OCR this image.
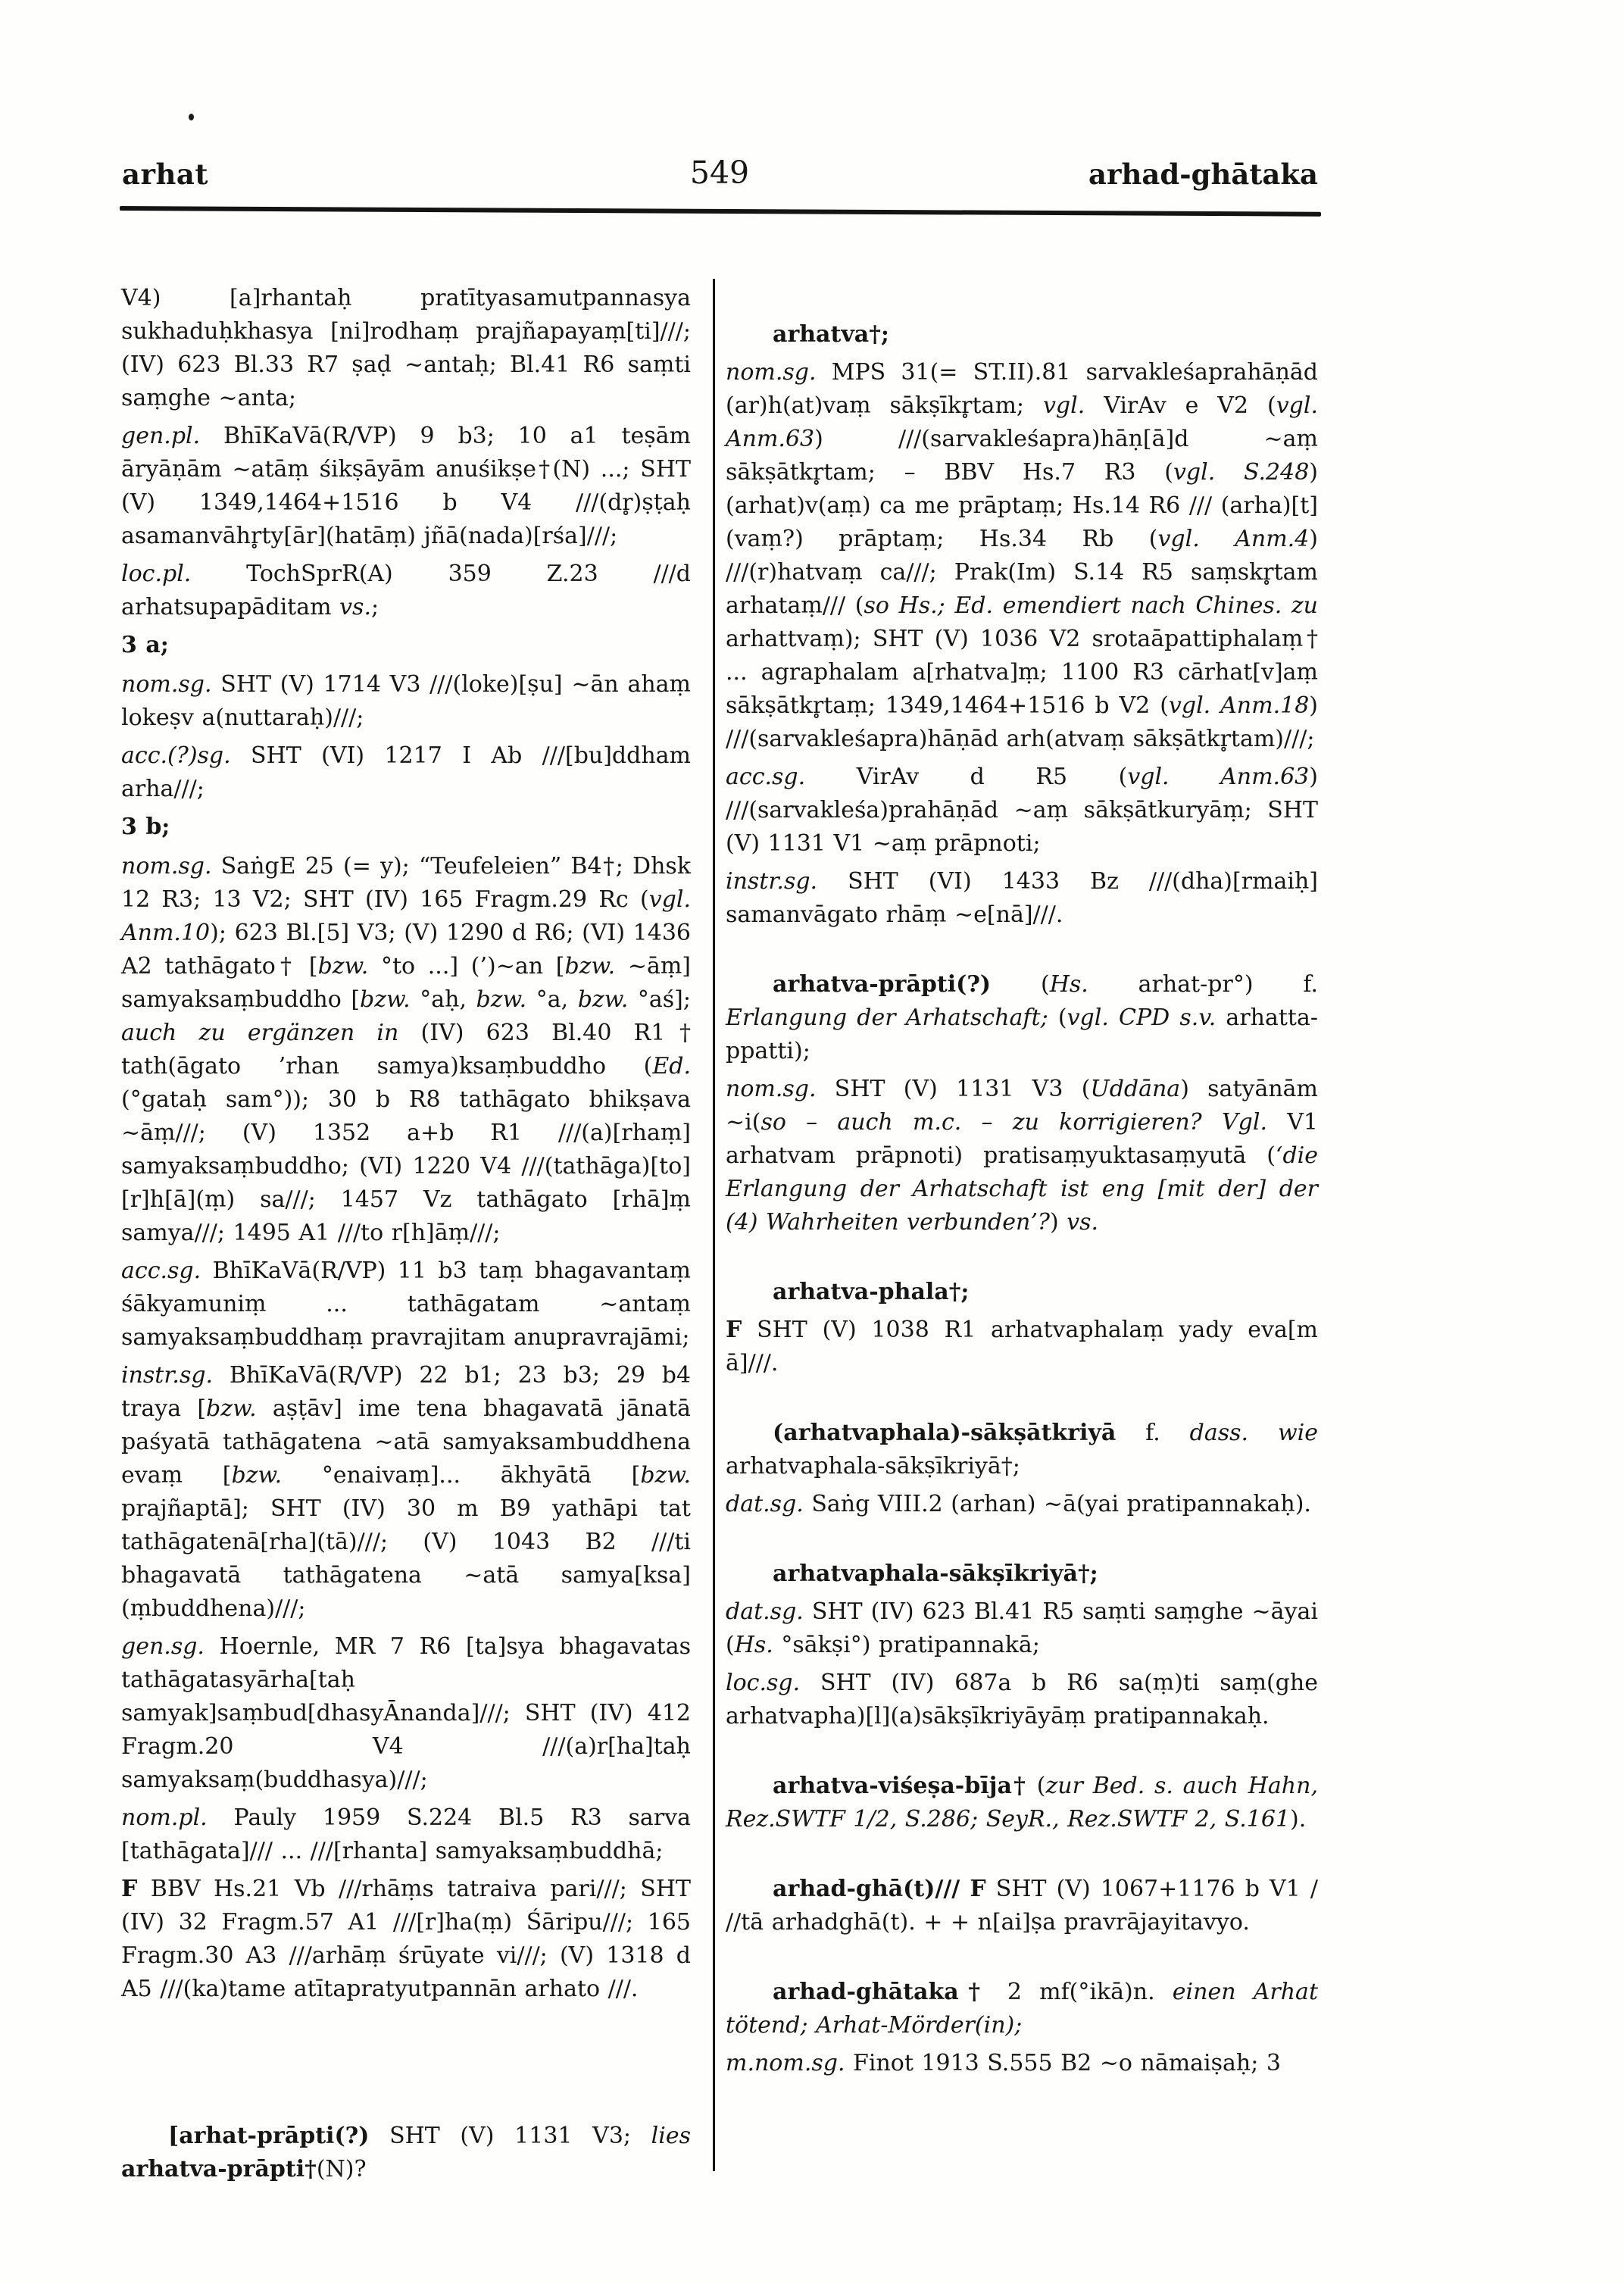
arhat	549	arhad-ghātaka

V4) [a]rhantaḥ pratītyasamutpannasya sukhaduḥkhasya [ni]rodhaṃ prajñapayaṃ[ti]///; (IV) 623 Bl.33 R7 ṣaḍ ~antaḥ; Bl.41 R6 saṃti saṃghe ~anta;

gen.pl. BhīKaVā(R/VP) 9 b3; 10 a1 teṣām āryāṇām ~atāṃ śikṣāyām anuśikṣe†(N) ...; SHT (V) 1349,1464+1516 b V4 ///(dr̥)ṣṭaḥ asamanvāhr̥ty[ār](hatāṃ) jñā(nada)[rśa]///;

loc.pl. TochSprR(A) 359 Z.23 ///d arhatsupapāditam vs.;

3 a;

nom.sg. SHT (V) 1714 V3 ///(loke)[ṣu] ~ān ahaṃ lokeṣv a(nuttaraḥ)///;

acc.(?)sg. SHT (VI) 1217 I Ab ///[bu]ddham arha///;

3 b;

nom.sg. SaṅgE 25 (= y); “Teufeleien” B4†; Dhsk 12 R3; 13 V2; SHT (IV) 165 Fragm.29 Rc (vgl. Anm.10); 623 Bl.[5] V3; (V) 1290 d R6; (VI) 1436 A2 tathāgato† [bzw. °to ...] (’)~an [bzw. ~āṃ] samyaksaṃbuddho [bzw. °aḥ, bzw. °a, bzw. °aś]; auch zu ergänzen in (IV) 623 Bl.40 R1† tath(āgato ’rhan samya)ksaṃbuddho (Ed. (°gataḥ sam°)); 30 b R8 tathāgato bhikṣava ~āṃ///; (V) 1352 a+b R1 ///(a)[rhaṃ] samyaksaṃbuddho; (VI) 1220 V4 ///(tathāga)[to] [r]h[ā](ṃ) sa///; 1457 Vz tathāgato [rhā]ṃ samya///; 1495 A1 ///to r[h]āṃ///;

acc.sg. BhīKaVā(R/VP) 11 b3 taṃ bhagavantaṃ śākyamuniṃ ... tathāgatam ~antaṃ samyaksaṃbuddhaṃ pravrajitam anupravrajāmi;

instr.sg. BhīKaVā(R/VP) 22 b1; 23 b3; 29 b4 traya [bzw. aṣṭāv] ime tena bhagavatā jānatā paśyatā tathāgatena ~atā samyaksambuddhena evaṃ [bzw. °enaivaṃ]... ākhyātā [bzw. prajñaptā]; SHT (IV) 30 m B9 yathāpi tat tathāgatenā[rha](tā)///; (V) 1043 B2 ///ti bhagavatā tathāgatena ~atā samya[ksa](ṃbuddhena)///;

gen.sg. Hoernle, MR 7 R6 [ta]sya bhagavatas tathāgatasyārha[taḥ samyak]saṃbud[dhasyĀnanda]///; SHT (IV) 412 Fragm.20 V4 ///(a)r[ha]taḥ samyaksaṃ(buddhasya)///;

nom.pl. Pauly 1959 S.224 Bl.5 R3 sarva [tathāgata]/// ... ///[rhanta] samyaksaṃbuddhā;

F BBV Hs.21 Vb ///rhāṃs tatraiva pari///; SHT (IV) 32 Fragm.57 A1 ///[r]ha(ṃ) Śāripu///; 165 Fragm.30 A3 ///arhāṃ śrūyate vi///; (V) 1318 d A5 ///(ka)tame atītapratyutpannān arhato ///.

[arhat-prāpti(?) SHT (V) 1131 V3; lies arhatva-prāpti†(N)?

arhatva†;

nom.sg. MPS 31(= ST.II).81 sarvakleśaprahāṇād (ar)h(at)vaṃ sākṣīkr̥tam; vgl. VirAv e V2 (vgl. Anm.63) ///(sarvakleśapra)hāṇ[ā]d ~aṃ sākṣātkr̥tam; – BBV Hs.7 R3 (vgl. S.248) (arhat)v(aṃ) ca me prāptaṃ; Hs.14 R6 /// (arha)[t](vaṃ?) prāptaṃ; Hs.34 Rb (vgl. Anm.4) ///(r)hatvaṃ ca///; Prak(Im) S.14 R5 saṃskr̥tam arhataṃ/// (so Hs.; Ed. emendiert nach Chines. zu arhattvaṃ); SHT (V) 1036 V2 srotaāpattiphalaṃ† ... agraphalam a[rhatva]ṃ; 1100 R3 cārhat[v]aṃ sākṣātkr̥taṃ; 1349,1464+1516 b V2 (vgl. Anm.18) ///(sarvakleśapra)hāṇād arh(atvaṃ sākṣātkr̥tam)///;

acc.sg. VirAv d R5 (vgl. Anm.63) ///(sarvakleśa)prahāṇād ~aṃ sākṣātkuryāṃ; SHT (V) 1131 V1 ~aṃ prāpnoti;

instr.sg. SHT (VI) 1433 Bz ///(dha)[rmaiḥ] samanvāgato rhāṃ ~e[nā]///.

arhatva-prāpti(?) (Hs. arhat-pr°) f. Erlangung der Arhatschaft; (vgl. CPD s.v. arhatta-ppatti);

nom.sg. SHT (V) 1131 V3 (Uddāna) satyānām ~i(so – auch m.c. – zu korrigieren? Vgl. V1 arhatvam prāpnoti) pratisaṃyuktasaṃyutā (‘die Erlangung der Arhatschaft ist eng [mit der] der (4) Wahrheiten verbunden’?) vs.

arhatva-phala†;

F SHT (V) 1038 R1 arhatvaphalaṃ yady eva[m ā]///.

(arhatvaphala)-sākṣātkriyā f. dass. wie arhatvaphala-sākṣīkriyā†;

dat.sg. Saṅg VIII.2 (arhan) ~ā(yai pratipannakaḥ).

arhatvaphala-sākṣīkriyā†;

dat.sg. SHT (IV) 623 Bl.41 R5 saṃti saṃghe ~āyai (Hs. °sākṣi°) pratipannakā;

loc.sg. SHT (IV) 687a b R6 sa(ṃ)ti saṃ(ghe arhatvapha)[l](a)sākṣīkriyāyāṃ pratipannakaḥ.

arhatva-viśeṣa-bīja† (zur Bed. s. auch Hahn, Rez.SWTF 1/2, S.286; SeyR., Rez.SWTF 2, S.161).

arhad-ghā(t)/// F SHT (V) 1067+1176 b V1 / //tā arhadghā(t). + + n[ai]ṣa pravrājayitavyo.

arhad-ghātaka† 2 mf(°ikā)n. einen Arhat tötend; Arhat-Mörder(in);

m.nom.sg. Finot 1913 S.555 B2 ~o nāmaiṣaḥ; 3
